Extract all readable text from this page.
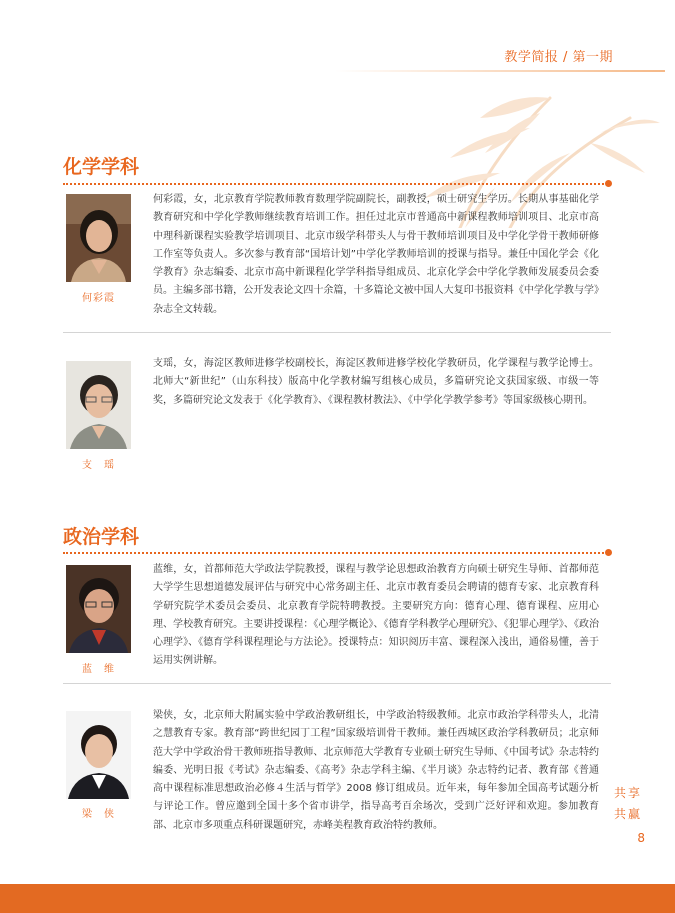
教学简报 / 第一期
化学学科
何彩霞
何彩霞，女，北京教育学院教师教育数理学院副院长，副教授，硕士研究生学历。长期从事基础化学教育研究和中学化学教师继续教育培训工作。担任过北京市普通高中新课程教师培训项目、北京市高中理科新课程实验教学培训项目、北京市级学科带头人与骨干教师培训项目及中学化学骨干教师研修工作室等负责人。多次参与教育部“国培计划”中学化学教师培训的授课与指导。兼任中国化学会《化学教育》杂志编委、北京市高中新课程化学学科指导组成员、北京化学会中学化学教师发展委员会委员。主编多部书籍，公开发表论文四十余篇，十多篇论文被中国人大复印书报资料《中学化学教与学》杂志全文转载。
支　瑶
支瑶，女，海淀区教师进修学校副校长，海淀区教师进修学校化学教研员，化学课程与教学论博士。北师大“新世纪”（山东科技）版高中化学教材编写组核心成员，多篇研究论文获国家级、市级一等奖，多篇研究论文发表于《化学教育》、《课程教材教法》、《中学化学教学参考》等国家级核心期刊。
政治学科
蓝　维
蓝维，女，首都师范大学政法学院教授，课程与教学论思想政治教育方向硕士研究生导师、首都师范大学学生思想道德发展评估与研究中心常务副主任、北京市教育委员会聘请的德育专家、北京教育科学研究院学术委员会委员、北京教育学院特聘教授。主要研究方向：德育心理、德育课程、应用心理、学校教育研究。主要讲授课程：《心理学概论》、《德育学科教学心理研究》、《犯罪心理学》、《政治心理学》、《德育学科课程理论与方法论》。授课特点：知识阅历丰富、课程深入浅出，通俗易懂，善于运用实例讲解。
梁　侠
梁侠，女，北京师大附属实验中学政治教研组长，中学政治特级教师。北京市政治学科带头人，北清之慧教育专家。教育部“跨世纪园丁工程”国家级培训骨干教师。兼任西城区政治学科教研员；北京师范大学中学政治骨干教师班指导教师、北京师范大学教育专业硕士研究生导师、《中国考试》杂志特约编委、光明日报《考试》杂志编委、《高考》杂志学科主编、《半月谈》杂志特约记者、教育部《普通高中课程标准思想政治必修４生活与哲学》2008 修订组成员。近年来，每年参加全国高考试题分析与评论工作。曾应邀到全国十多个省市讲学，指导高考百余场次，受到广泛好评和欢迎。参加教育部、北京市多项重点科研课题研究，赤峰美程教育政治特约教师。
共享
共赢
8
